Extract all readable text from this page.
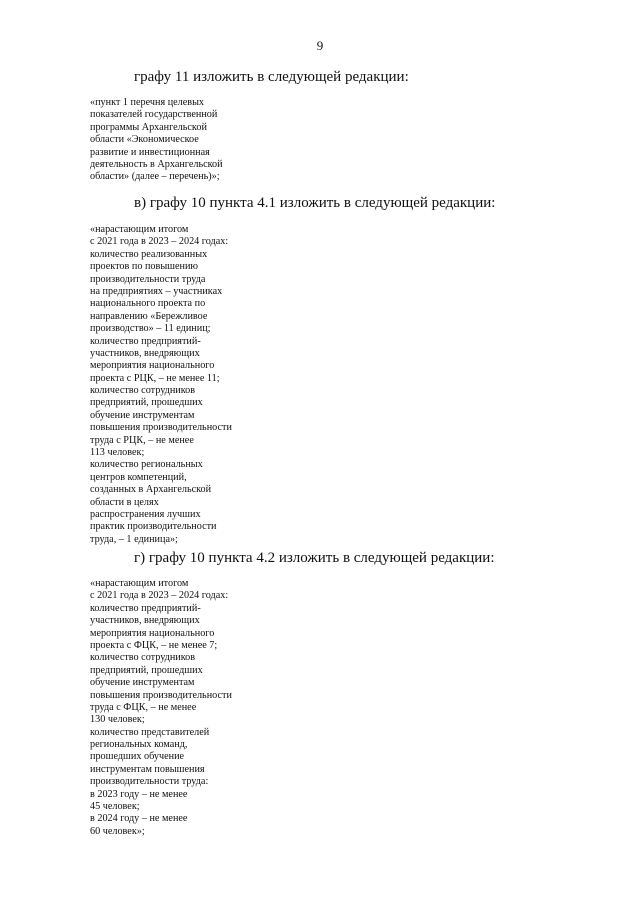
9

графу 11 изложить в следующей редакции:

«пункт 1 перечня целевых
показателей государственной
программы Архангельской
области «Экономическое
развитие и инвестиционная
деятельность в Архангельской
области» (далее – перечень)»;

в) графу 10 пункта 4.1 изложить в следующей редакции:

«нарастающим итогом
с 2021 года в 2023 – 2024 годах:
количество реализованных
проектов по повышению
производительности труда
на предприятиях – участниках
национального проекта по
направлению «Бережливое
производство» – 11 единиц;
количество предприятий-
участников, внедряющих
мероприятия национального
проекта с РЦК, – не менее 11;
количество сотрудников
предприятий, прошедших
обучение инструментам
повышения производительности
труда с РЦК, – не менее
113 человек;
количество региональных
центров компетенций,
созданных в Архангельской
области в целях
распространения лучших
практик производительности
труда, – 1 единица»;

г) графу 10 пункта 4.2 изложить в следующей редакции:

«нарастающим итогом
с 2021 года в 2023 – 2024 годах:
количество предприятий-
участников, внедряющих
мероприятия национального
проекта с ФЦК, – не менее 7;
количество сотрудников
предприятий, прошедших
обучение инструментам
повышения производительности
труда с ФЦК, – не менее
130 человек;
количество представителей
региональных команд,
прошедших обучение
инструментам повышения
производительности труда:
в 2023 году – не менее
45 человек;
в 2024 году – не менее
60 человек»;
